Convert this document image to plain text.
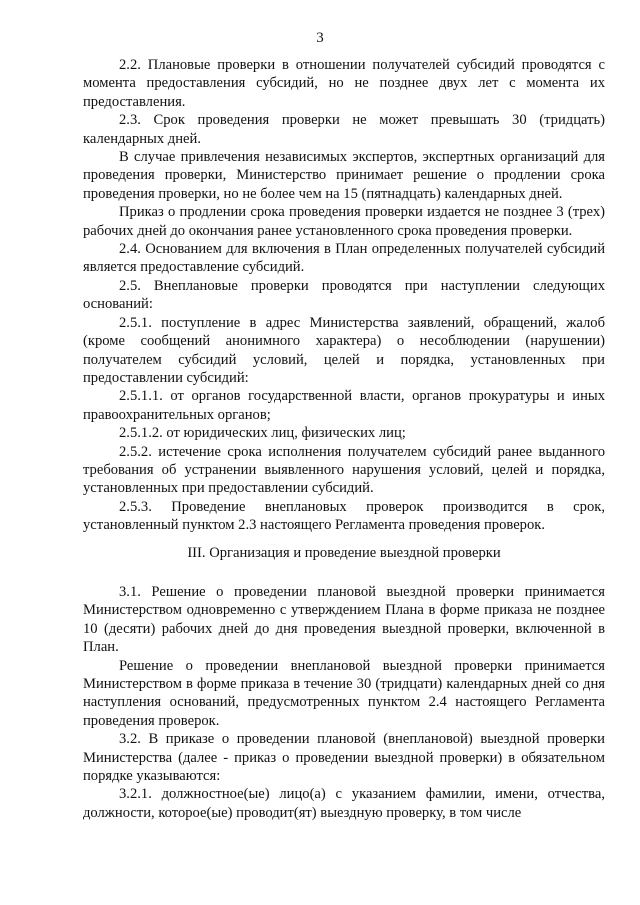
3

2.2. Плановые проверки в отношении получателей субсидий проводятся с момента предоставления субсидий, но не позднее двух лет с момента их предоставления.

2.3. Срок проведения проверки не может превышать 30 (тридцать) календарных дней.

В случае привлечения независимых экспертов, экспертных организаций для проведения проверки, Министерство принимает решение о продлении срока проведения проверки, но не более чем на 15 (пятнадцать) календарных дней.

Приказ о продлении срока проведения проверки издается не позднее 3 (трех) рабочих дней до окончания ранее установленного срока проведения проверки.

2.4. Основанием для включения в План определенных получателей субсидий является предоставление субсидий.

2.5. Внеплановые проверки проводятся при наступлении следующих оснований:

2.5.1. поступление в адрес Министерства заявлений, обращений, жалоб (кроме сообщений анонимного характера) о несоблюдении (нарушении) получателем субсидий условий, целей и порядка, установленных при предоставлении субсидий:

2.5.1.1. от органов государственной власти, органов прокуратуры и иных правоохранительных органов;

2.5.1.2. от юридических лиц, физических лиц;

2.5.2. истечение срока исполнения получателем субсидий ранее выданного требования об устранении выявленного нарушения условий, целей и порядка, установленных при предоставлении субсидий.

2.5.3. Проведение внеплановых проверок производится в срок, установленный пунктом 2.3 настоящего Регламента проведения проверок.

III. Организация и проведение выездной проверки

3.1. Решение о проведении плановой выездной проверки принимается Министерством одновременно с утверждением Плана в форме приказа не позднее 10 (десяти) рабочих дней до дня проведения выездной проверки, включенной в План.

Решение о проведении внеплановой выездной проверки принимается Министерством в форме приказа в течение 30 (тридцати) календарных дней со дня наступления оснований, предусмотренных пунктом 2.4 настоящего Регламента проведения проверок.

3.2. В приказе о проведении плановой (внеплановой) выездной проверки Министерства (далее - приказ о проведении выездной проверки) в обязательном порядке указываются:

3.2.1. должностное(ые) лицо(а) с указанием фамилии, имени, отчества, должности, которое(ые) проводит(ят) выездную проверку, в том числе
